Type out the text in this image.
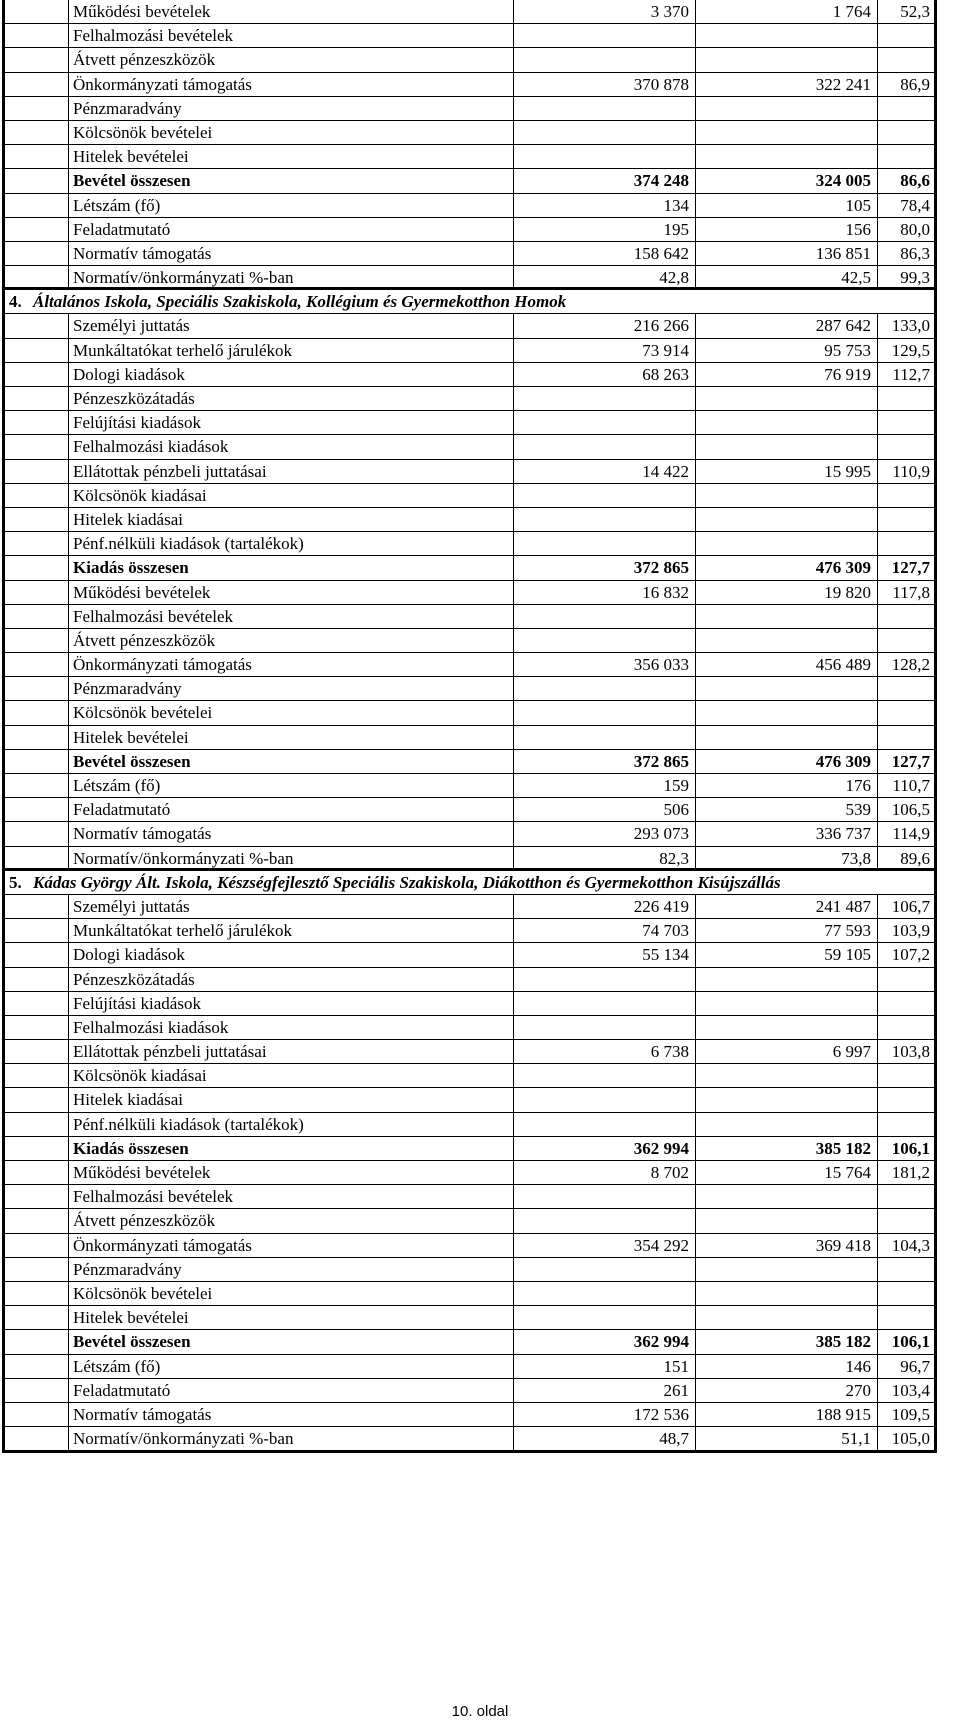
Működési bevételek	3 370	1 764	52,3
Felhalmozási bevételek
Átvett pénzeszközök
Önkormányzati támogatás	370 878	322 241	86,9
Pénzmaradvány
Kölcsönök bevételei
Hitelek bevételei
Bevétel összesen	374 248	324 005	86,6
Létszám (fő)	134	105	78,4
Feladatmutató	195	156	80,0
Normatív támogatás	158 642	136 851	86,3
Normatív/önkormányzati %-ban	42,8	42,5	99,3
4. Általános Iskola, Speciális Szakiskola, Kollégium és Gyermekotthon Homok
Személyi juttatás	216 266	287 642	133,0
Munkáltatókat terhelő járulékok	73 914	95 753	129,5
Dologi kiadások	68 263	76 919	112,7
Pénzeszközátadás
Felújítási kiadások
Felhalmozási kiadások
Ellátottak pénzbeli juttatásai	14 422	15 995	110,9
Kölcsönök kiadásai
Hitelek kiadásai
Pénf.nélküli kiadások (tartalékok)
Kiadás összesen	372 865	476 309	127,7
Működési bevételek	16 832	19 820	117,8
Felhalmozási bevételek
Átvett pénzeszközök
Önkormányzati támogatás	356 033	456 489	128,2
Pénzmaradvány
Kölcsönök bevételei
Hitelek bevételei
Bevétel összesen	372 865	476 309	127,7
Létszám (fő)	159	176	110,7
Feladatmutató	506	539	106,5
Normatív támogatás	293 073	336 737	114,9
Normatív/önkormányzati %-ban	82,3	73,8	89,6
5. Kádas György Ált. Iskola, Készségfejlesztő Speciális Szakiskola, Diákotthon és Gyermekotthon Kisújszállás
Személyi juttatás	226 419	241 487	106,7
Munkáltatókat terhelő járulékok	74 703	77 593	103,9
Dologi kiadások	55 134	59 105	107,2
Pénzeszközátadás
Felújítási kiadások
Felhalmozási kiadások
Ellátottak pénzbeli juttatásai	6 738	6 997	103,8
Kölcsönök kiadásai
Hitelek kiadásai
Pénf.nélküli kiadások (tartalékok)
Kiadás összesen	362 994	385 182	106,1
Működési bevételek	8 702	15 764	181,2
Felhalmozási bevételek
Átvett pénzeszközök
Önkormányzati támogatás	354 292	369 418	104,3
Pénzmaradvány
Kölcsönök bevételei
Hitelek bevételei
Bevétel összesen	362 994	385 182	106,1
Létszám (fő)	151	146	96,7
Feladatmutató	261	270	103,4
Normatív támogatás	172 536	188 915	109,5
Normatív/önkormányzati %-ban	48,7	51,1	105,0
10. oldal
